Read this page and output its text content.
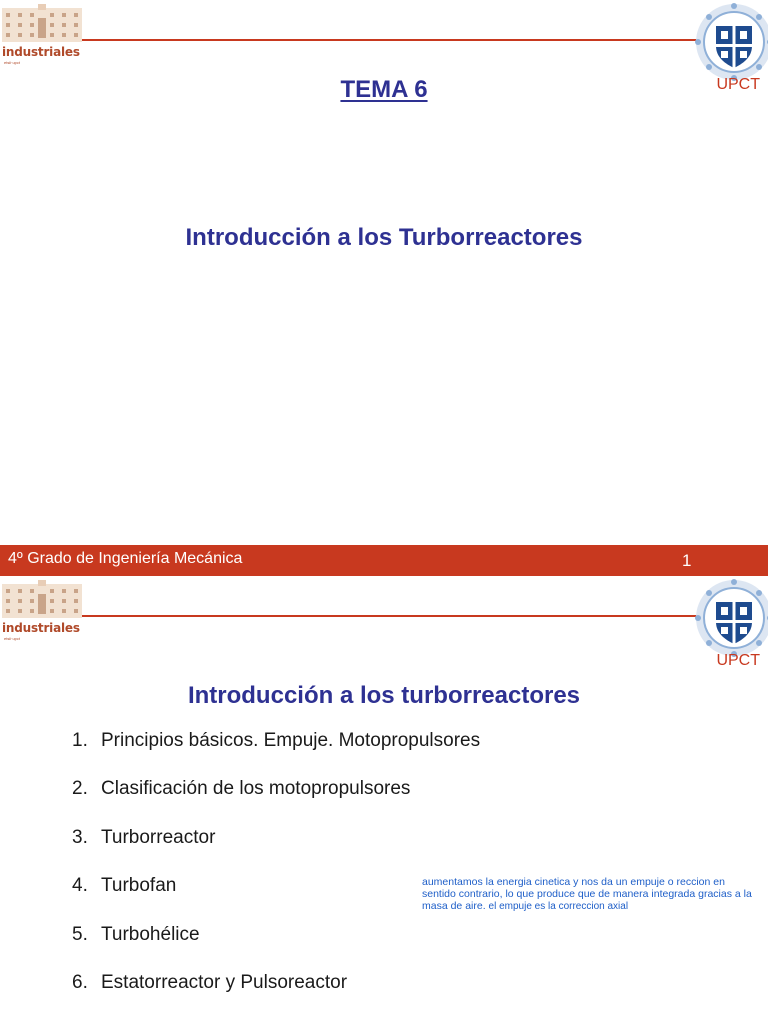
industriales
etsii·upct
UPCT
TEMA 6
Introducción a los Turborreactores
4º Grado de Ingeniería Mecánica	1
industriales
etsii·upct
UPCT
Introducción a los turborreactores
1. Principios básicos. Empuje. Motopropulsores
2. Clasificación de los motopropulsores
3. Turborreactor
4. Turbofan
5. Turbohélice
6. Estatorreactor y Pulsoreactor
aumentamos la energia cinetica y nos da un empuje o reccion en sentido contrario, lo que produce que de manera integrada gracias a la masa de aire. el empuje es la correccion axial
